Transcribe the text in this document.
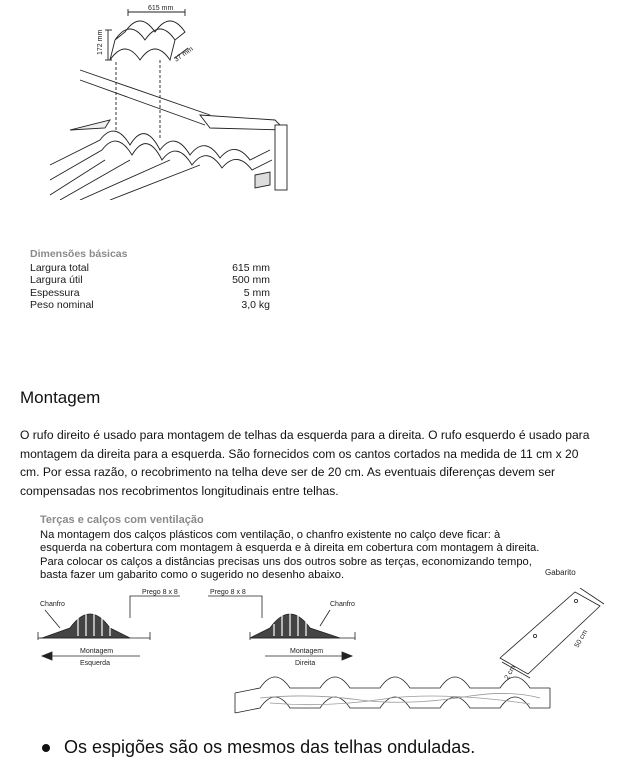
615 mm
172 mm	37 mm
Dimensões básicas
Largura total	615 mm
Largura útil	500 mm
Espessura	5 mm
Peso nominal	3,0 kg
Montagem
O rufo direito é usado para montagem de telhas da esquerda para a direita. O rufo esquerdo é usado para montagem da direita para a esquerda. São fornecidos com os cantos cortados na medida de 11 cm x 20 cm. Por essa razão, o recobrimento na telha deve ser de 20 cm. As eventuais diferenças devem ser compensadas nos recobrimentos longitudinais entre telhas.
Terças e calços com ventilação
Na montagem dos calços plásticos com ventilação, o chanfro existente no calço deve ficar: à esquerda na cobertura com montagem à esquerda e à direita em cobertura com montagem à direita. Para colocar os calços a distâncias precisas uns dos outros sobre as terças, economizando tempo, basta fazer um gabarito como o sugerido no desenho abaixo.
Chanfro
Prego 8 x 8	Prego 8 x 8
Chanfro
Montagem
Esquerda
Montagem
Direita
50 cm
2 cm
Gabarito
Os espigões são os mesmos das telhas onduladas.
